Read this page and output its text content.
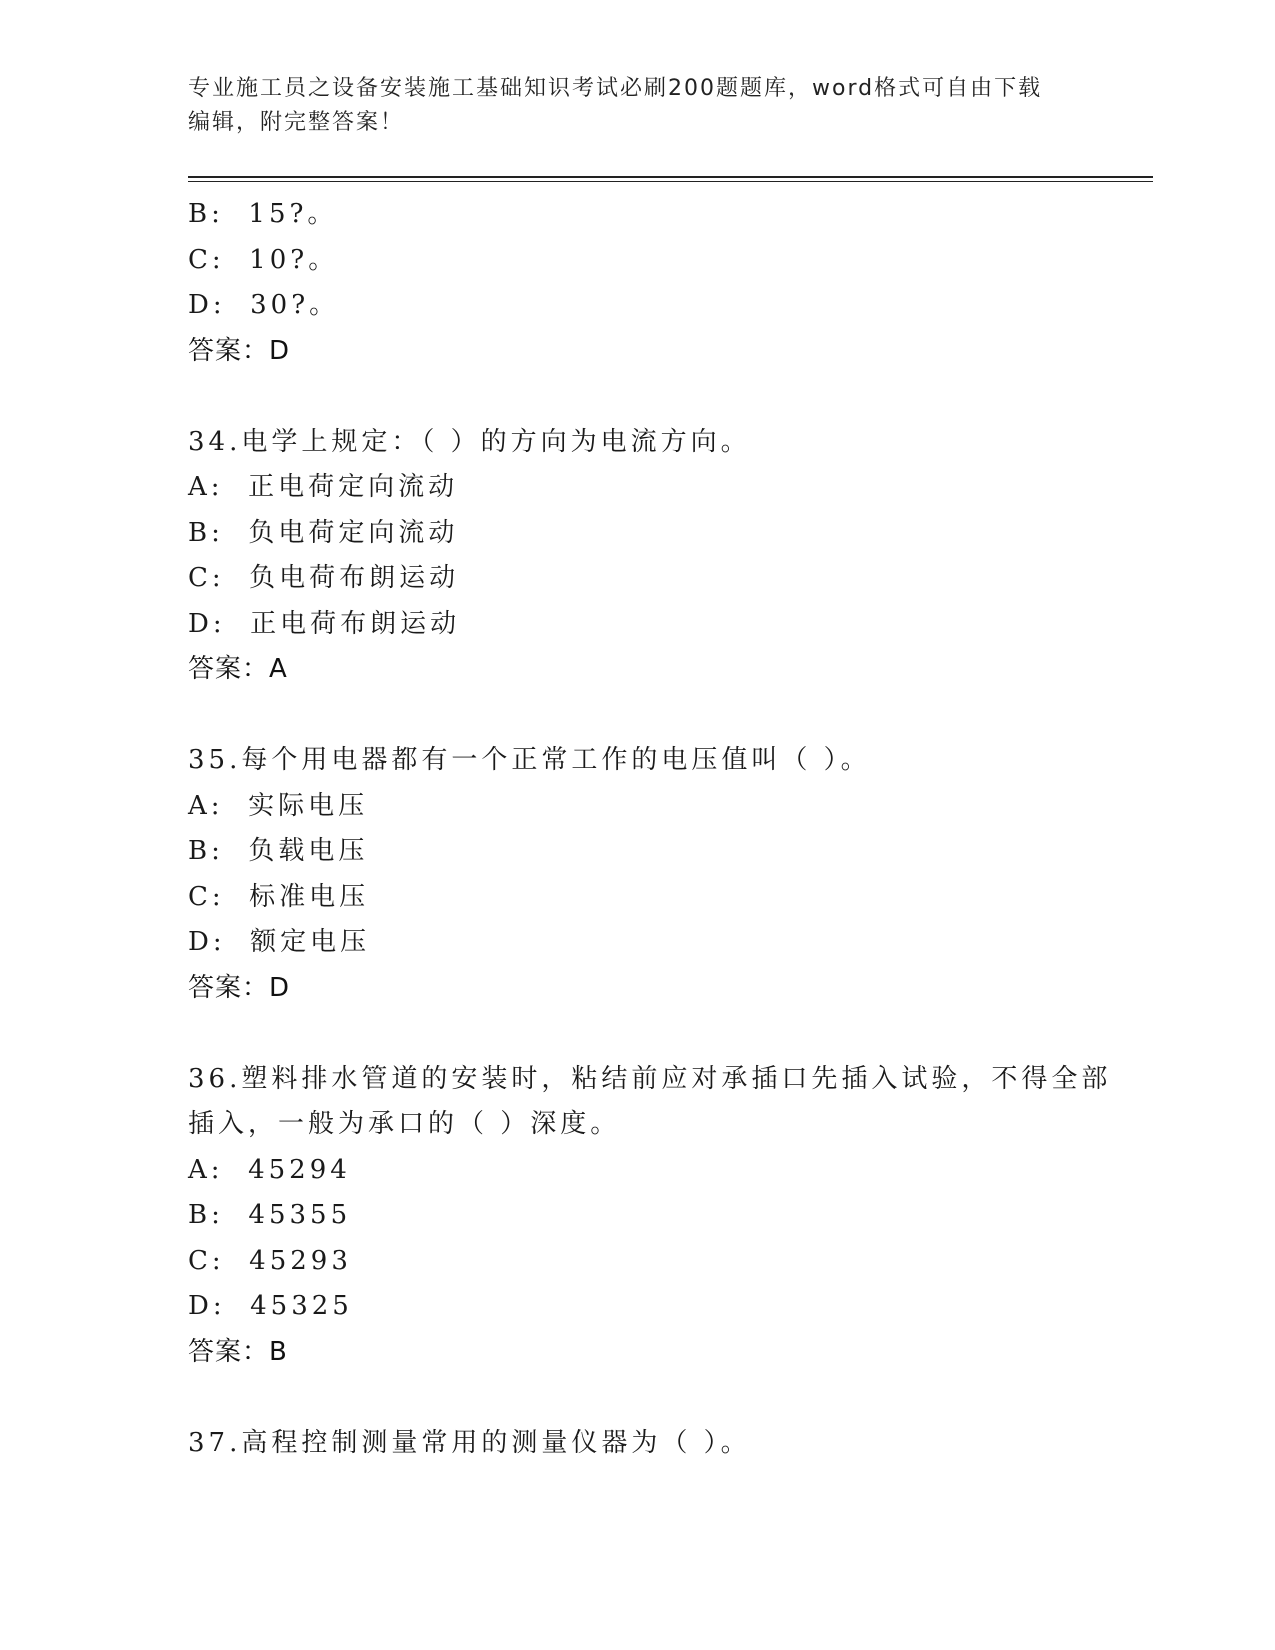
专业施工员之设备安装施工基础知识考试必刷200题题库，word格式可自由下载
编辑，附完整答案！
B:  15?。
C:  10?。
D:  30?。
答案：D
34.电学上规定：（ ）的方向为电流方向。
A:  正电荷定向流动
B:  负电荷定向流动
C:  负电荷布朗运动
D:  正电荷布朗运动
答案：A
35.每个用电器都有一个正常工作的电压值叫（ ）。
A:  实际电压
B:  负载电压
C:  标准电压
D:  额定电压
答案：D
36.塑料排水管道的安装时，粘结前应对承插口先插入试验，不得全部
插入，一般为承口的（ ）深度。
A:  45294
B:  45355
C:  45293
D:  45325
答案：B
37.高程控制测量常用的测量仪器为（ ）。
